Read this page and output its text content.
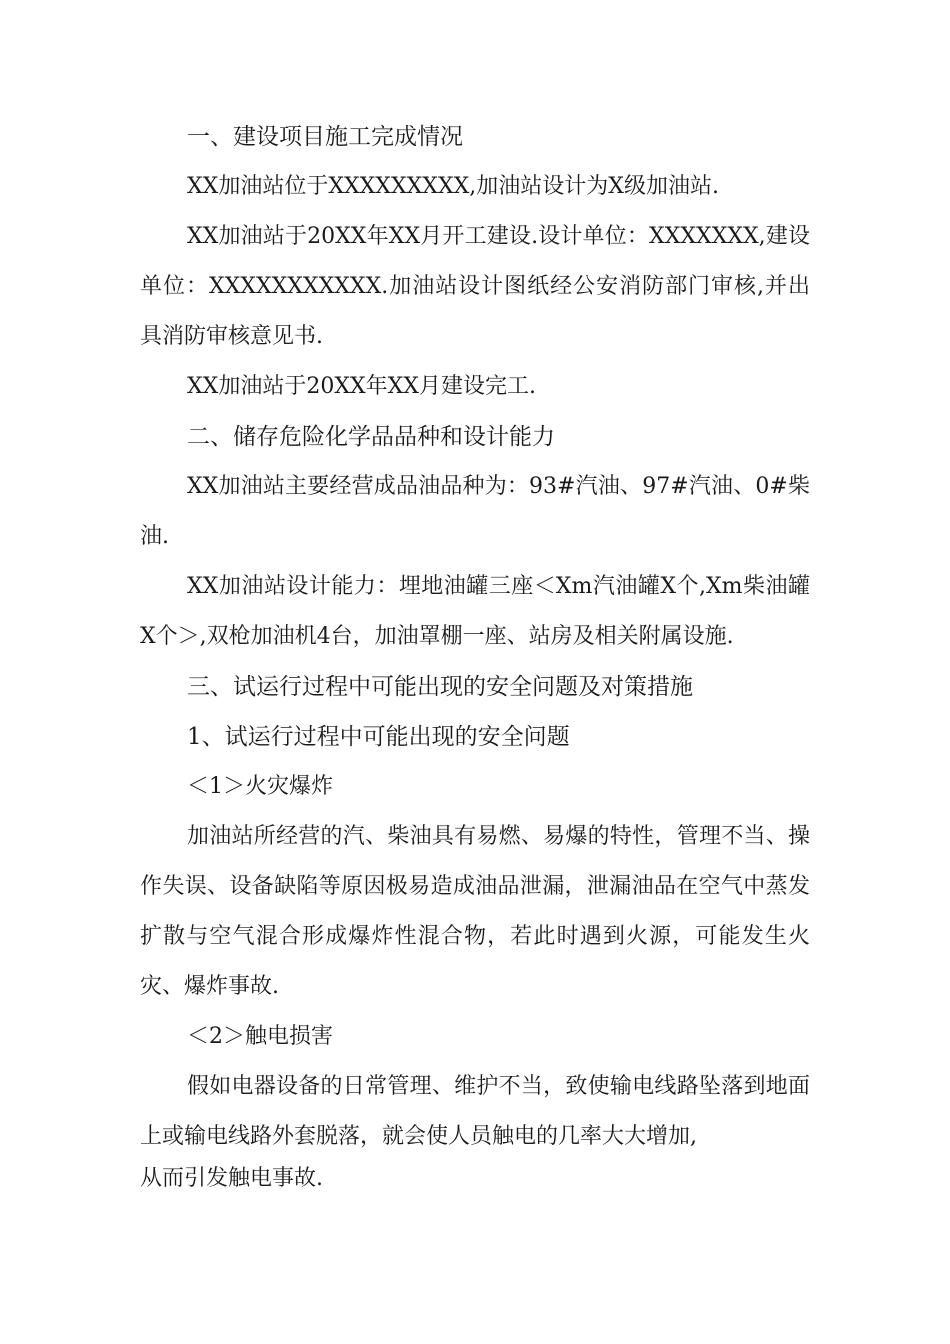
一、建设项目施工完成情况

XX加油站位于XXXXXXXXX,加油站设计为X级加油站.

XX加油站于20XX年XX月开工建设.设计单位：XXXXXXX,建设单位：XXXXXXXXXXX.加油站设计图纸经公安消防部门审核,并出具消防审核意见书.

XX加油站于20XX年XX月建设完工.

二、储存危险化学品品种和设计能力

XX加油站主要经营成品油品种为：93#汽油、97#汽油、0#柴油.

XX加油站设计能力：埋地油罐三座＜Xm汽油罐X个,Xm柴油罐X个＞,双枪加油机4台，加油罩棚一座、站房及相关附属设施.

三、试运行过程中可能出现的安全问题及对策措施

1、试运行过程中可能出现的安全问题

＜1＞火灾爆炸

加油站所经营的汽、柴油具有易燃、易爆的特性，管理不当、操作失误、设备缺陷等原因极易造成油品泄漏，泄漏油品在空气中蒸发扩散与空气混合形成爆炸性混合物，若此时遇到火源，可能发生火灾、爆炸事故.

＜2＞触电损害

假如电器设备的日常管理、维护不当，致使输电线路坠落到地面上或输电线路外套脱落，就会使人员触电的几率大大增加,

从而引发触电事故.
